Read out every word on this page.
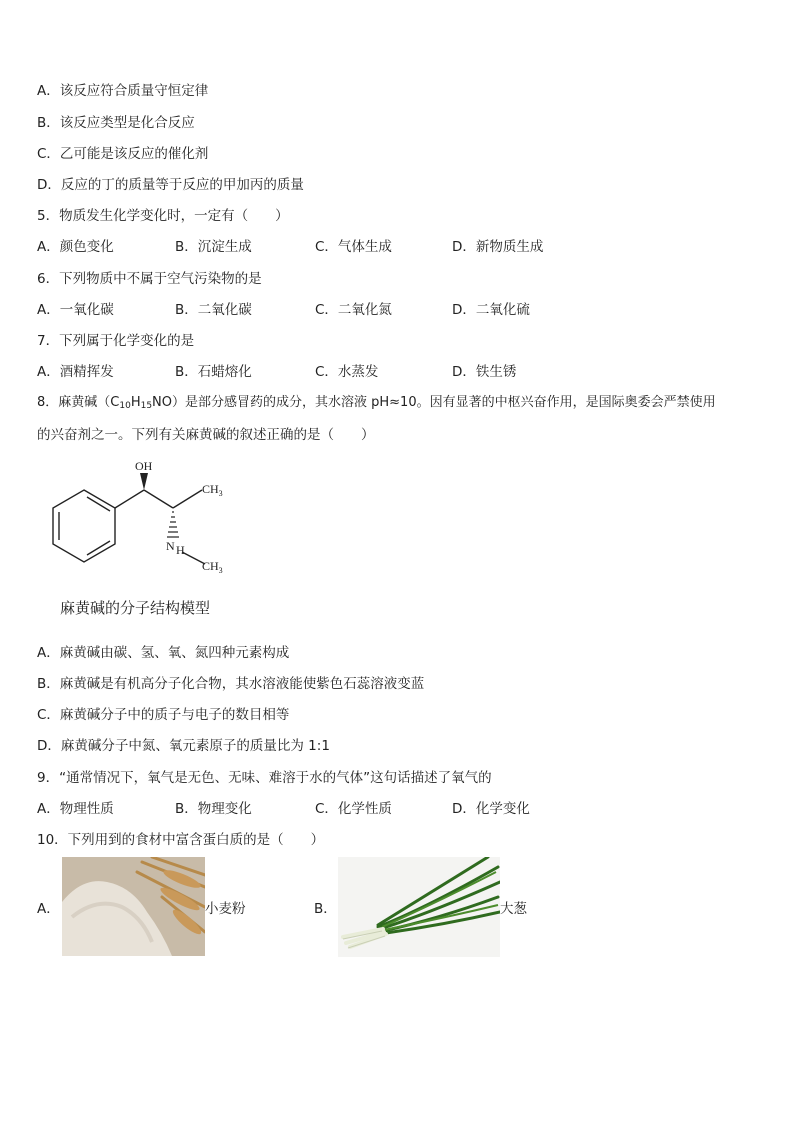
A．该反应符合质量守恒定律
B．该反应类型是化合反应
C．乙可能是该反应的催化剂
D．反应的丁的质量等于反应的甲加丙的质量
5．物质发生化学变化时，一定有（　　）
A．颜色变化	B．沉淀生成	C．气体生成	D．新物质生成
6．下列物质中不属于空气污染物的是
A．一氧化碳	B．二氧化碳	C．二氧化氮	D．二氧化硫
7．下列属于化学变化的是
A．酒精挥发	B．石蜡熔化	C．水蒸发	D．铁生锈
8．麻黄碱$(C_{10}H_{15}NO)$是部分感冒药的成分，其水溶液 pH≈10。因有显著的中枢兴奋作用，是国际奥委会严禁使用
的兴奋剂之一。下列有关麻黄碱的叙述正确的是（　　）
OH
$CH_3$
N H
$CH_3$
麻黄碱的分子结构模型
A．麻黄碱由碳、氢、氧、氮四种元素构成
B．麻黄碱是有机高分子化合物，其水溶液能使紫色石蕊溶液变蓝
C．麻黄碱分子中的质子与电子的数目相等
D．麻黄碱分子中氮、氧元素原子的质量比为 1:1
9．“通常情况下，氧气是无色、无味、难溶于水的气体”这句话描述了氧气的
A．物理性质	B．物理变化	C．化学性质	D．化学变化
10．下列用到的食材中富含蛋白质的是（　　）
A．	小麦粉	B．	大葱
